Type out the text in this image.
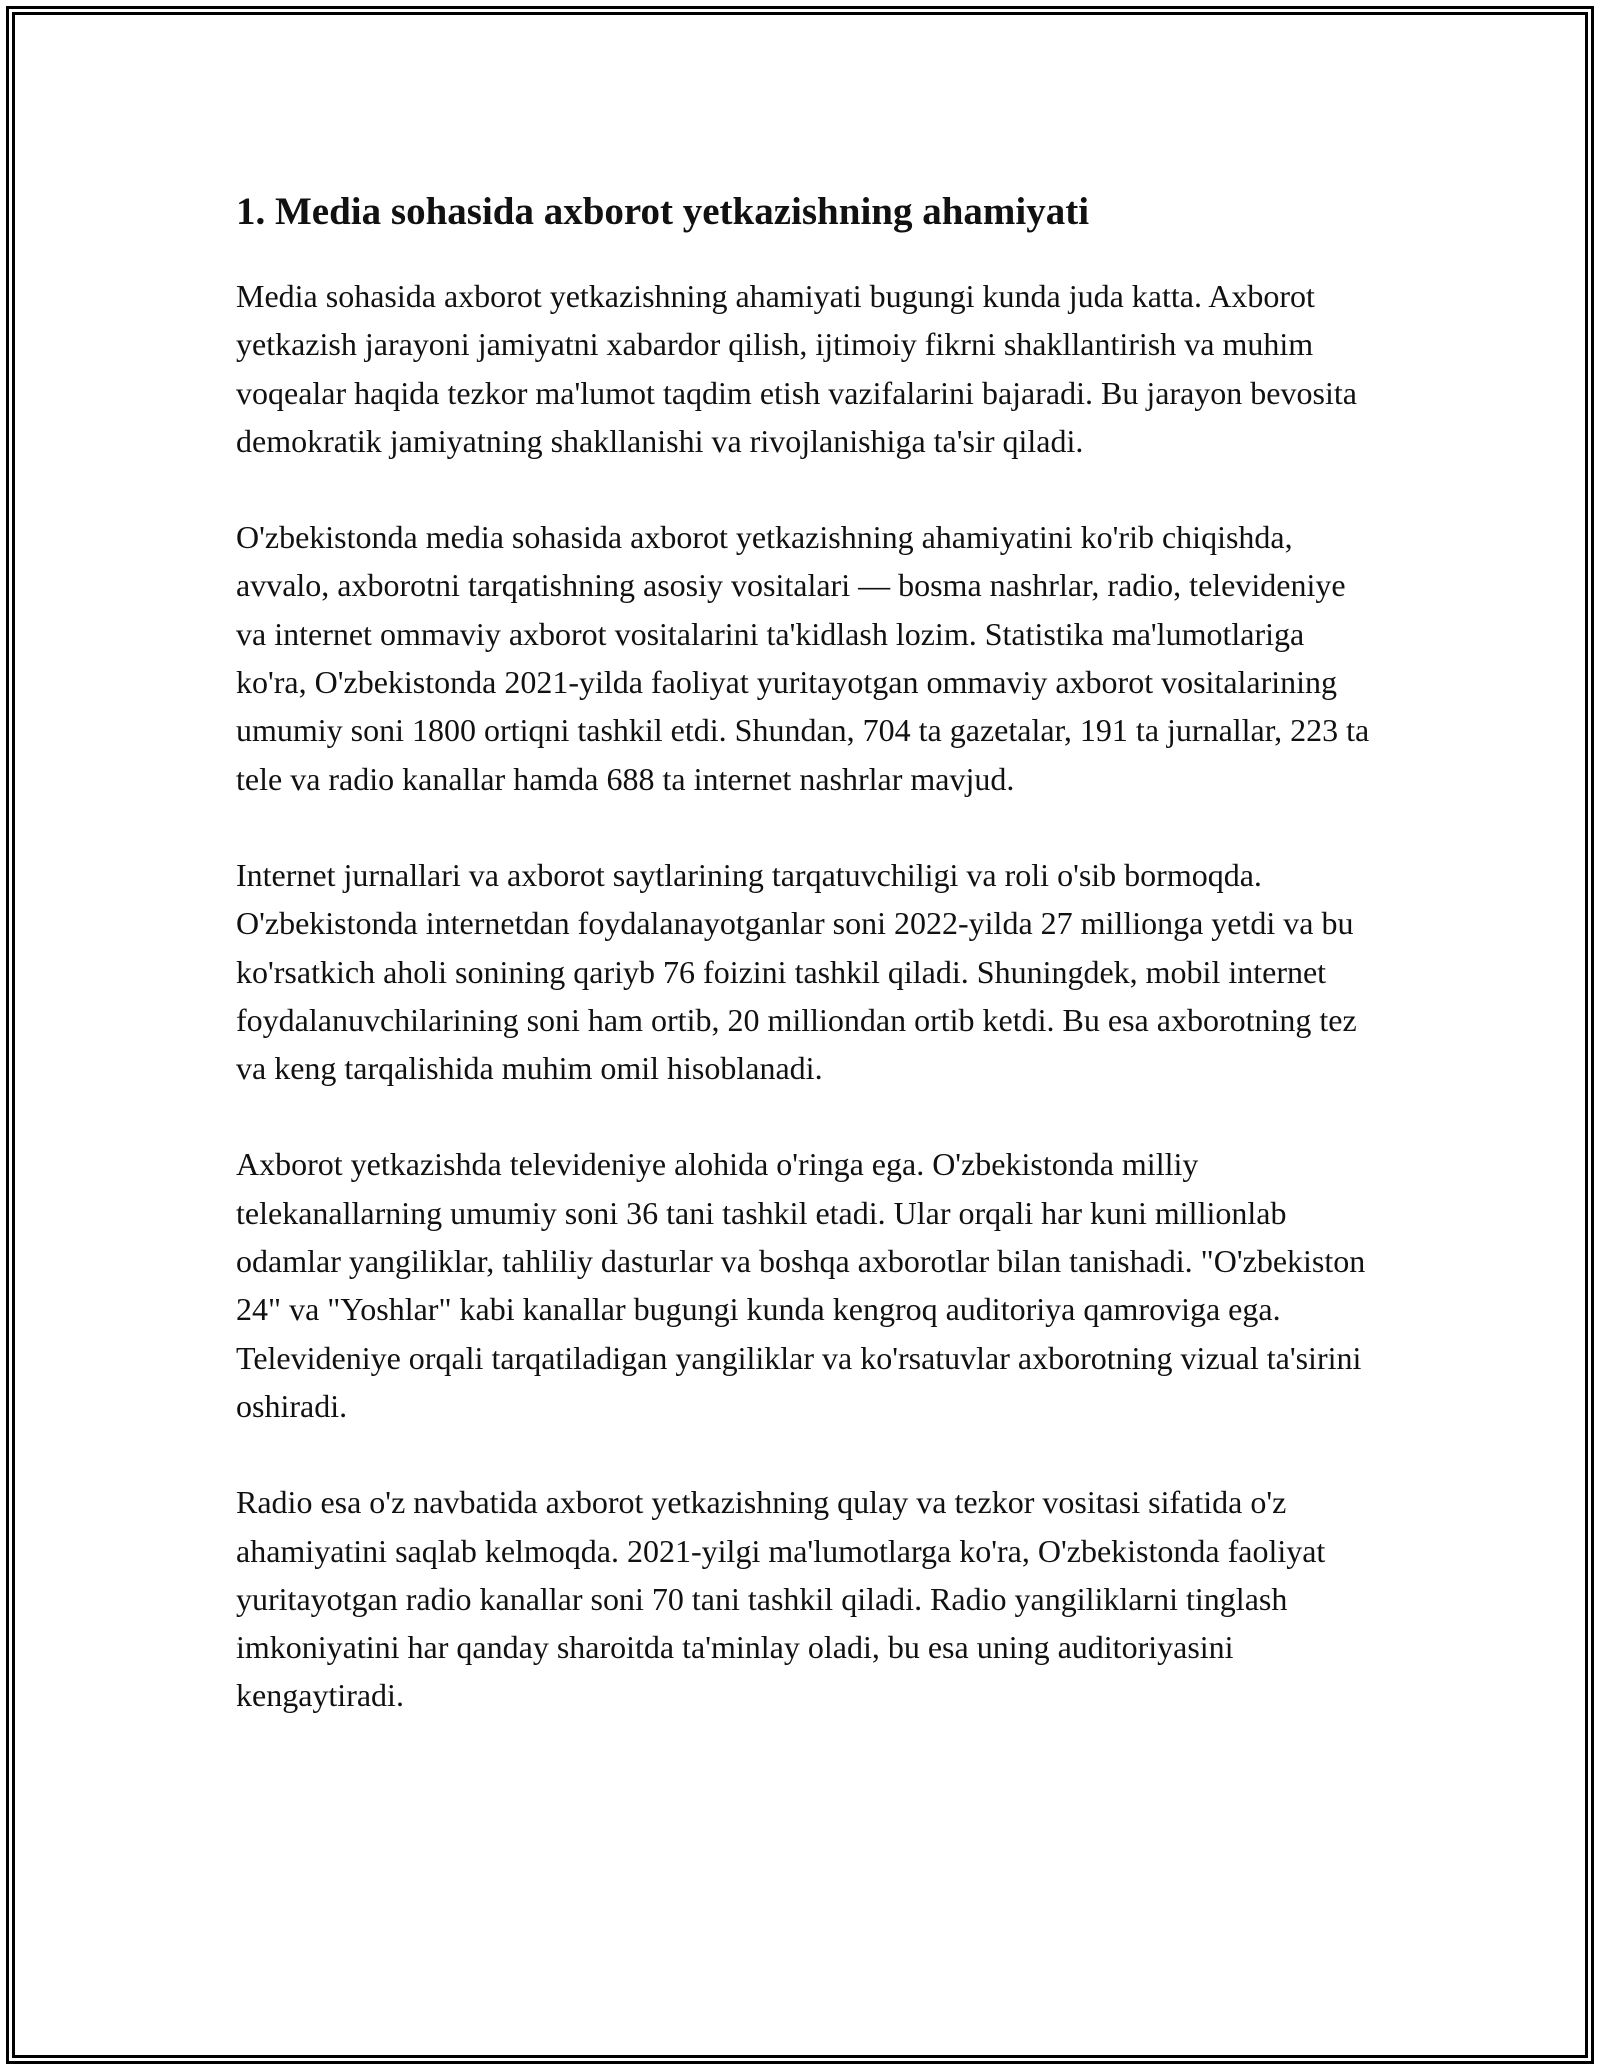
1. Media sohasida axborot yetkazishning ahamiyati

Media sohasida axborot yetkazishning ahamiyati bugungi kunda juda katta. Axborot yetkazish jarayoni jamiyatni xabardor qilish, ijtimoiy fikrni shakllantirish va muhim voqealar haqida tezkor ma'lumot taqdim etish vazifalarini bajaradi. Bu jarayon bevosita demokratik jamiyatning shakllanishi va rivojlanishiga ta'sir qiladi.

O'zbekistonda media sohasida axborot yetkazishning ahamiyatini ko'rib chiqishda, avvalo, axborotni tarqatishning asosiy vositalari — bosma nashrlar, radio, televideniye va internet ommaviy axborot vositalarini ta'kidlash lozim. Statistika ma'lumotlariga ko'ra, O'zbekistonda 2021-yilda faoliyat yuritayotgan ommaviy axborot vositalarining umumiy soni 1800 ortiqni tashkil etdi. Shundan, 704 ta gazetalar, 191 ta jurnallar, 223 ta tele va radio kanallar hamda 688 ta internet nashrlar mavjud.

Internet jurnallari va axborot saytlarining tarqatuvchiligi va roli o'sib bormoqda. O'zbekistonda internetdan foydalanayotganlar soni 2022-yilda 27 millionga yetdi va bu ko'rsatkich aholi sonining qariyb 76 foizini tashkil qiladi. Shuningdek, mobil internet foydalanuvchilarining soni ham ortib, 20 milliondan ortib ketdi. Bu esa axborotning tez va keng tarqalishida muhim omil hisoblanadi.

Axborot yetkazishda televideniye alohida o'ringa ega. O'zbekistonda milliy telekanallarning umumiy soni 36 tani tashkil etadi. Ular orqali har kuni millionlab odamlar yangiliklar, tahliliy dasturlar va boshqa axborotlar bilan tanishadi. "O'zbekiston 24" va "Yoshlar" kabi kanallar bugungi kunda kengroq auditoriya qamroviga ega. Televideniye orqali tarqatiladigan yangiliklar va ko'rsatuvlar axborotning vizual ta'sirini oshiradi.

Radio esa o'z navbatida axborot yetkazishning qulay va tezkor vositasi sifatida o'z ahamiyatini saqlab kelmoqda. 2021-yilgi ma'lumotlarga ko'ra, O'zbekistonda faoliyat yuritayotgan radio kanallar soni 70 tani tashkil qiladi. Radio yangiliklarni tinglash imkoniyatini har qanday sharoitda ta'minlay oladi, bu esa uning auditoriyasini kengaytiradi.
